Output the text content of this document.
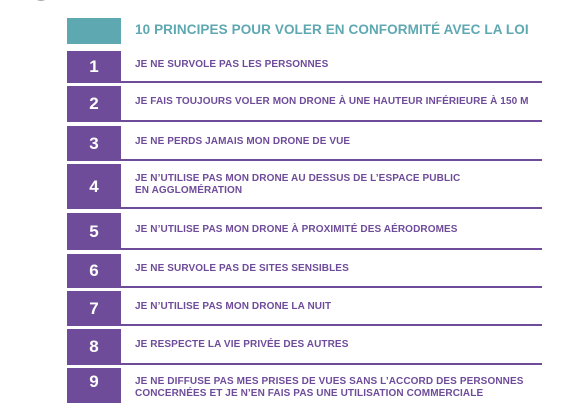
10 PRINCIPES POUR VOLER EN CONFORMITÉ AVEC LA LOI
1	JE NE SURVOLE PAS LES PERSONNES
2	JE FAIS TOUJOURS VOLER MON DRONE À UNE HAUTEUR INFÉRIEURE À 150 M
3	JE NE PERDS JAMAIS MON DRONE DE VUE
4	JE N’UTILISE PAS MON DRONE AU DESSUS DE L’ESPACE PUBLIC
EN AGGLOMÉRATION
5	JE N’UTILISE PAS MON DRONE À PROXIMITÉ DES AÉRODROMES
6	JE NE SURVOLE PAS DE SITES SENSIBLES
7	JE N’UTILISE PAS MON DRONE LA NUIT
8	JE RESPECTE LA VIE PRIVÉE DES AUTRES
9	JE NE DIFFUSE PAS MES PRISES DE VUES SANS L’ACCORD DES PERSONNES
CONCERNÉES ET JE N’EN FAIS PAS UNE UTILISATION COMMERCIALE
